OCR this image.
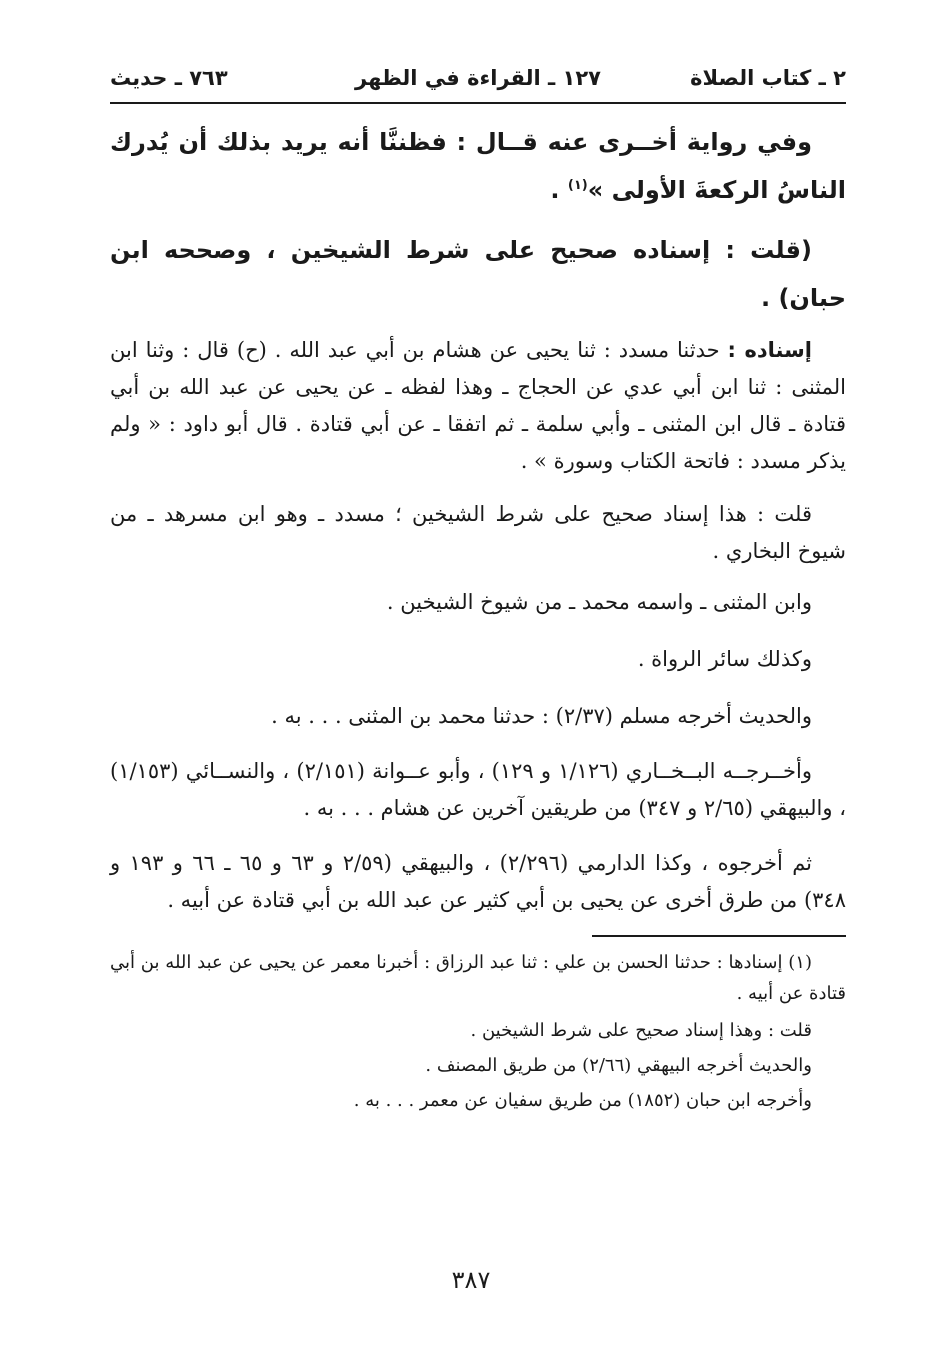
٢ ـ كتاب الصلاة
١٢٧ ـ القراءة في الظهر
٧٦٣ ـ حديث

وفي رواية أخــرى عنه قــال : فظننَّا أنه يريد بذلك أن يُدرك الناسُ الركعةَ الأولى »$^{(١)}$ .

(قلت : إسناده صحيح على شرط الشيخين ، وصححه ابن حبان) .

إسناده : حدثنا مسدد : ثنا يحيى عن هشام بن أبي عبد الله . (ح) قال : وثنا ابن المثنى : ثنا ابن أبي عدي عن الحجاج ـ وهذا لفظه ـ عن يحيى عن عبد الله بن أبي قتادة ـ قال ابن المثنى ـ وأبي سلمة ـ ثم اتفقا ـ عن أبي قتادة . قال أبو داود : « ولم يذكر مسدد : فاتحة الكتاب وسورة » .

قلت : هذا إسناد صحيح على شرط الشيخين ؛ مسدد ـ وهو ابن مسرهد ـ من شيوخ البخاري .

وابن المثنى ـ واسمه محمد ـ من شيوخ الشيخين .

وكذلك سائر الرواة .

والحديث أخرجه مسلم (٢/٣٧) : حدثنا محمد بن المثنى . . . به .

وأخــرجــه البــخــاري (١/١٢٦ و ١٢٩) ، وأبو عــوانة (٢/١٥١) ، والنســائي (١/١٥٣) ، والبيهقي (٢/٦٥ و ٣٤٧) من طريقين آخرين عن هشام . . . به .

ثم أخرجوه ، وكذا الدارمي (٢/٢٩٦) ، والبيهقي (٢/٥٩ و ٦٣ و ٦٥ ـ ٦٦ و ١٩٣ و ٣٤٨) من طرق أخرى عن يحيى بن أبي كثير عن عبد الله بن أبي قتادة عن أبيه .

(١) إسنادها : حدثنا الحسن بن علي : ثنا عبد الرزاق : أخبرنا معمر عن يحيى عن عبد الله بن أبي قتادة عن أبيه .

قلت : وهذا إسناد صحيح على شرط الشيخين .

والحديث أخرجه البيهقي (٢/٦٦) من طريق المصنف .

وأخرجه ابن حبان (١٨٥٢) من طريق سفيان عن معمر . . . به .

٣٨٧
